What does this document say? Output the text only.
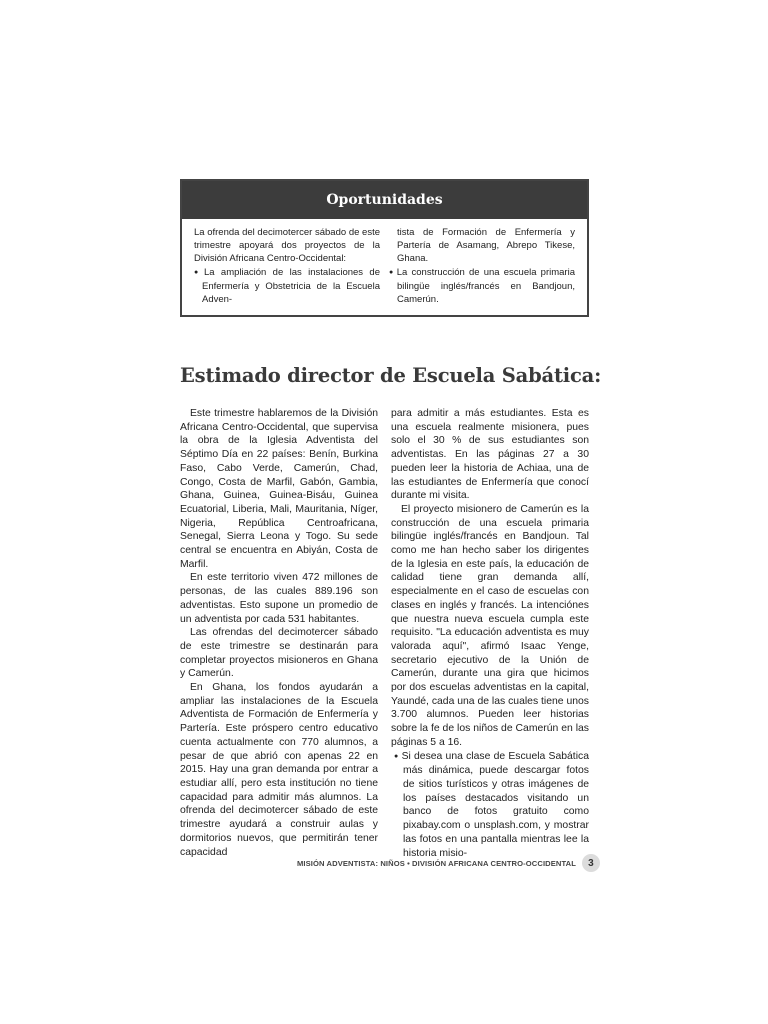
Oportunidades

La ofrenda del decimotercer sábado de este trimestre apoyará dos proyectos de la División Africana Centro-Occidental:

● La ampliación de las instalaciones de Enfermería y Obstetricia de la Escuela Adven-

tista de Formación de Enfermería y Partería de Asamang, Abrepo Tikese, Ghana.

● La construcción de una escuela primaria bilingüe inglés/francés en Bandjoun, Camerún.

Estimado director de Escuela Sabática:

Este trimestre hablaremos de la División Africana Centro-Occidental, que supervisa la obra de la Iglesia Adventista del Séptimo Día en 22 países: Benín, Burkina Faso, Cabo Verde, Camerún, Chad, Congo, Costa de Marfil, Gabón, Gambia, Ghana, Guinea, Guinea-Bisáu, Guinea Ecuatorial, Liberia, Mali, Mauritania, Níger, Nigeria, República Centroafricana, Senegal, Sierra Leona y Togo. Su sede central se encuentra en Abiyán, Costa de Marfil.

En este territorio viven 472 millones de personas, de las cuales 889.196 son adventistas. Esto supone un promedio de un adventista por cada 531 habitantes.

Las ofrendas del decimotercer sábado de este trimestre se destinarán para completar proyectos misioneros en Ghana y Camerún.

En Ghana, los fondos ayudarán a ampliar las instalaciones de la Escuela Adventista de Formación de Enfermería y Partería. Este próspero centro educativo cuenta actualmente con 770 alumnos, a pesar de que abrió con apenas 22 en 2015. Hay una gran demanda por entrar a estudiar allí, pero esta institución no tiene capacidad para admitir más alumnos. La ofrenda del decimotercer sábado de este trimestre ayudará a construir aulas y dormitorios nuevos, que permitirán tener capacidad

para admitir a más estudiantes. Esta es una escuela realmente misionera, pues solo el 30 % de sus estudiantes son adventistas. En las páginas 27 a 30 pueden leer la historia de Achiaa, una de las estudiantes de Enfermería que conocí durante mi visita.

El proyecto misionero de Camerún es la construcción de una escuela primaria bilingüe inglés/francés en Bandjoun. Tal como me han hecho saber los dirigentes de la Iglesia en este país, la educación de calidad tiene gran demanda allí, especialmente en el caso de escuelas con clases en inglés y francés. La intenciónes que nuestra nueva escuela cumpla este requisito. "La educación adventista es muy valorada aquí", afirmó Isaac Yenge, secretario ejecutivo de la Unión de Camerún, durante una gira que hicimos por dos escuelas adventistas en la capital, Yaundé, cada una de las cuales tiene unos 3.700 alumnos. Pueden leer historias sobre la fe de los niños de Camerún en las páginas 5 a 16.

● Si desea una clase de Escuela Sabática más dinámica, puede descargar fotos de sitios turísticos y otras imágenes de los países destacados visitando un banco de fotos gratuito como pixabay.com o unsplash.com, y mostrar las fotos en una pantalla mientras lee la historia misio-

MISIÓN ADVENTISTA: NIÑOS • DIVISIÓN AFRICANA CENTRO-OCCIDENTAL	3
